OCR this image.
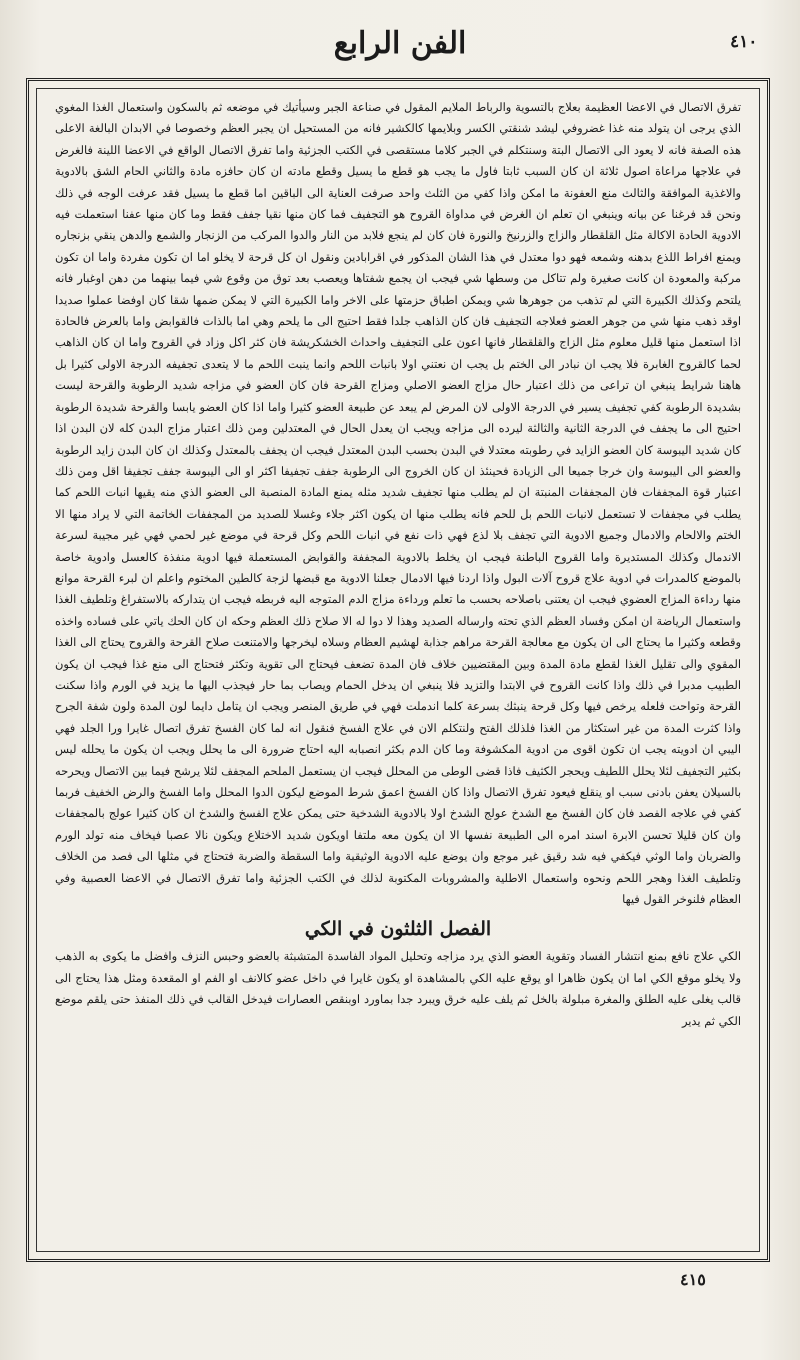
الفن الرابع	٤١٠

تفرق الاتصال في الاعضا العظيمة بعلاج بالتسوية والرباط الملايم المقول في صناعة الجبر وسيأتيك في موضعه ثم بالسكون واستعمال الغذا المغوي الذي يرجى ان يتولد منه غذا غضروفي ليشد شنقتي الكسر وبلايمها كالكشير فانه من المستحيل ان يجبر العظم وخصوصا في الابدان البالغة الاعلى هذه الصفة فانه لا يعود الى الاتصال البتة وسنتكلم في الجبر كلاما مستقصى في الكتب الجزئية واما تفرق الاتصال الواقع في الاعضا اللينة فالغرض في علاجها مراعاة اصول ثلاثة ان كان السبب ثابتا فاول ما يجب هو قطع ما يسيل وقطع مادته ان كان حافزه مادة والثاني الحام الشق بالادوية والاغذية الموافقة والثالث منع العفونة ما امكن واذا كفي من الثلث واحد صرفت العناية الى الباقين اما قطع ما يسيل فقد عرفت الوجه في ذلك ونحن قد فرغنا عن بيانه وينبغي ان تعلم ان الغرض في مداواة القروح هو التجفيف فما كان منها نقيا جفف فقط وما كان منها عفنا استعملت فيه الادوية الحادة الاكالة مثل القلقطار والزاج والزرنيخ والنورة فان كان لم ينجع فلابد من النار والدوا المركب من الزنجار والشمع والدهن ينقي بزنجاره ويمنع افراط اللذع بدهنه وشمعه فهو دوا معتدل في هذا الشان المذكور في اقرابادين ونقول ان كل قرحة لا يخلو اما ان تكون مفردة واما ان تكون مركبة والمعودة ان كانت صغيرة ولم تتاكل من وسطها شي فيجب ان يجمع شفتاها ويعصب بعد توق من وقوع شي فيما بينهما من دهن اوغبار فانه يلتحم وكذلك الكبيرة التي لم تذهب من جوهرها شي ويمكن اطباق حزمتها على الاخر واما الكبيرة التي لا يمكن ضمها شقا كان اوفضا عملوا صديدا اوقد ذهب منها شي من جوهر العضو فعلاجه التجفيف فان كان الذاهب جلدا فقط احتيج الى ما يلحم وهي اما بالذات فالقوابض واما بالعرض فالحادة اذا استعمل منها قليل معلوم مثل الزاج والقلقطار فانها اعون على التجفيف واحداث الخشكريشة فان كثر اكل وزاد في القروح واما ان كان الذاهب لحما كالقروح الغابرة فلا يجب ان نبادر الى الختم بل يجب ان نعتني اولا بانبات اللحم وانما ينبت اللحم ما لا يتعدى تجفيفه الدرجة الاولى كثيرا بل هاهنا شرايط ينبغي ان تراعى من ذلك اعتبار حال مزاج العضو الاصلي ومزاج القرحة فان كان العضو في مزاجه شديد الرطوبة والقرحة ليست بشديدة الرطوبة كفي تجفيف يسير في الدرجة الاولى لان المرض لم يبعد عن طبيعة العضو كثيرا واما اذا كان العضو يابسا والقرحة شديدة الرطوبة احتيج الى ما يجفف في الدرجة الثانية والثالثة ليرده الى مزاجه ويجب ان يعدل الحال في المعتدلين ومن ذلك اعتبار مزاج البدن كله لان البدن اذا كان شديد اليبوسة كان العضو الزايد في رطوبته معتدلا في البدن بحسب البدن المعتدل فيجب ان يجفف بالمعتدل وكذلك ان كان البدن زايد الرطوبة والعضو الى اليبوسة وان خرجا جميعا الى الزيادة فحينئذ ان كان الخروج الى الرطوبة جفف تجفيفا اكثر او الى اليبوسة جفف تجفيفا اقل ومن ذلك اعتبار قوة المجففات فان المجففات المنبتة ان لم يطلب منها تجفيف شديد مثله يمنع المادة المنصبة الى العضو الذي منه يقيها انبات اللحم كما يطلب في مجففات لا تستعمل لانبات اللحم بل للحم فانه يطلب منها ان يكون اكثر جلاء وغسلا للصديد من المجففات الخاتمة التي لا يراد منها الا الختم والالحام والادمال وجميع الادوية التي تجفف بلا لذع فهي ذات نفع في انبات اللحم وكل قرحة في موضع غير لحمي فهي غير مجيبة لسرعة الاندمال وكذلك المستديرة واما القروح الباطنة فيجب ان يخلط بالادوية المجففة والقوابض المستعملة فيها ادوية منفذة كالعسل وادوية خاصة بالموضع كالمدرات في ادوية علاج قروح آلات البول واذا اردنا فيها الادمال جعلنا الادوية مع قبضها لزجة كالطين المختوم واعلم ان لبرء القرحة موانع منها رداءة المزاج العضوي فيجب ان يعتنى باصلاحه بحسب ما تعلم ورداءة مزاج الدم المتوجه اليه فربطه فيجب ان يتداركه بالاستفراغ وتلطيف الغذا واستعمال الرياضة ان امكن وفساد العظم الذي تحته وارساله الصديد وهذا لا دوا له الا صلاح ذلك العظم وحكه ان كان الحك ياتي على فساده واخذه وقطعه وكثيرا ما يحتاج الى ان يكون مع معالجة القرحة مراهم جذابة لهشيم العظام وسلاه ليخرجها والامتنعت صلاح القرحة والقروح يحتاج الى الغذا المقوي والى تقليل الغذا لقطع مادة المدة وبين المقتضيين خلاف فان المدة تضعف فيحتاج الى تقوية وتكثر فتحتاج الى منع غذا فيجب ان يكون الطبيب مدبرا في ذلك واذا كانت القروح في الابتدا والتزيد فلا ينبغي ان يدخل الحمام ويصاب بما حار فيجذب اليها ما يزيد في الورم واذا سكنت القرحة وتواحت فلعله يرخص فيها وكل قرحة ينبثك بسرعة كلما اندملت فهي في طريق المنصر ويجب ان يتامل دايما لون المدة ولون شفة الجرح واذا كثرت المدة من غير استكثار من الغذا فلذلك الفتح ولنتكلم الان في علاج الفسخ فنقول انه لما كان الفسخ تفرق اتصال غايرا ورا الجلد فهي اليبي ان ادويته يجب ان تكون اقوى من ادوية المكشوفة وما كان الدم بكثر انصبابه اليه احتاج ضرورة الى ما يحلل ويجب ان يكون ما يحلله ليس بكثير التجفيف لئلا يحلل اللطيف ويحجر الكثيف فاذا قضى الوطى من المحلل فيجب ان يستعمل الملحم المجفف لئلا يرشح فيما بين الاتصال ويحرحه بالسيلان يعفن بادنى سبب او ينقلع فيعود تفرق الاتصال واذا كان الفسخ اعمق شرط الموضع ليكون الدوا المحلل واما الفسخ والرض الخفيف فربما كفي في علاجه الفصد فان كان الفسخ مع الشدخ عولج الشدخ اولا بالادوية الشدخية حتى يمكن علاج الفسخ والشدخ ان كان كثيرا عولج بالمجففات وان كان قليلا تحسن الابرة اسند امره الى الطبيعة نفسها الا ان يكون معه ملتفا اويكون شديد الاختلاع ويكون نالا عصبا فيخاف منه تولد الورم والضربان واما الوثي فيكفي فيه شد رقيق غير موجع وان يوضع عليه الادوية الوثيقية واما السقطة والضربة فتحتاج في مثلها الى فصد من الخلاف وتلطيف الغذا وهجر اللحم ونحوه واستعمال الاطلية والمشروبات المكتوبة لذلك في الكتب الجزئية واما تفرق الاتصال في الاعضا العصبية وفي العظام فلنوخر القول فيها

الفصل الثلثون في الكي

الكي علاج نافع بمنع انتشار الفساد وتقوية العضو الذي يرد مزاجه وتحليل المواد الفاسدة المتشبثة بالعضو وحبس النزف وافضل ما يكوى به الذهب ولا يخلو موقع الكي اما ان يكون ظاهرا او يوقع عليه الكي بالمشاهدة او يكون غايرا في داخل عضو كالانف او الفم او المقعدة ومثل هذا يحتاج الى قالب يغلى عليه الطلق والمغرة مبلولة بالخل ثم يلف عليه خرق ويبرد جدا بماورد اوبنقص العصارات فيدخل القالب في ذلك المنفذ حتى يلقم موضع الكي ثم يدير

٤١٥
